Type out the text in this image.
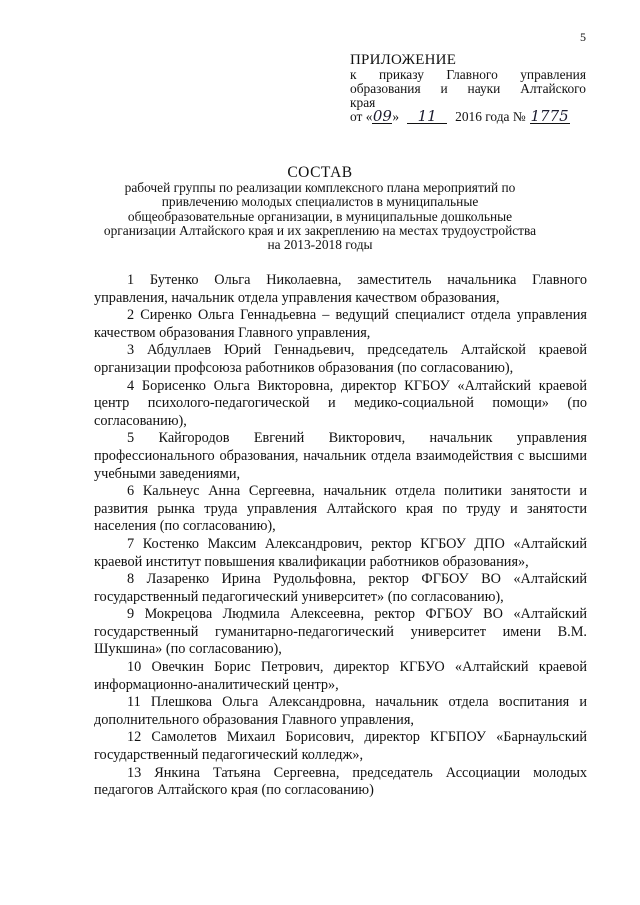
5
ПРИЛОЖЕНИЕ
к приказу Главного управления
образования и науки Алтайского
края
от « 09 »	11	2016 года № 1775
СОСТАВ
рабочей группы по реализации комплексного плана мероприятий по
привлечению молодых специалистов в муниципальные
общеобразовательные организации, в муниципальные дошкольные
организации Алтайского края и их закреплению на местах трудоустройства
на 2013-2018 годы
1 Бутенко Ольга Николаевна, заместитель начальника Главного управления, начальник отдела управления качеством образования,
2 Сиренко Ольга Геннадьевна – ведущий специалист отдела управления качеством образования Главного управления,
3 Абдуллаев Юрий Геннадьевич, председатель Алтайской краевой организации профсоюза работников образования (по согласованию),
4 Борисенко Ольга Викторовна, директор КГБОУ «Алтайский краевой центр психолого-педагогической и медико-социальной помощи» (по согласованию),
5 Кайгородов Евгений Викторович, начальник управления профессионального образования, начальник отдела взаимодействия с высшими учебными заведениями,
6 Кальнеус Анна Сергеевна, начальник отдела политики занятости и развития рынка труда управления Алтайского края по труду и занятости населения (по согласованию),
7 Костенко Максим Александрович, ректор КГБОУ ДПО «Алтайский краевой институт повышения квалификации работников образования»,
8 Лазаренко Ирина Рудольфовна, ректор ФГБОУ ВО «Алтайский государственный педагогический университет» (по согласованию),
9 Мокрецова Людмила Алексеевна, ректор ФГБОУ ВО «Алтайский государственный гуманитарно-педагогический университет имени В.М. Шукшина» (по согласованию),
10 Овечкин Борис Петрович, директор КГБУО «Алтайский краевой информационно-аналитический центр»,
11 Плешкова Ольга Александровна, начальник отдела воспитания и дополнительного образования Главного управления,
12 Самолетов Михаил Борисович, директор КГБПОУ «Барнаульский государственный педагогический колледж»,
13 Янкина Татьяна Сергеевна, председатель Ассоциации молодых педагогов Алтайского края (по согласованию)
